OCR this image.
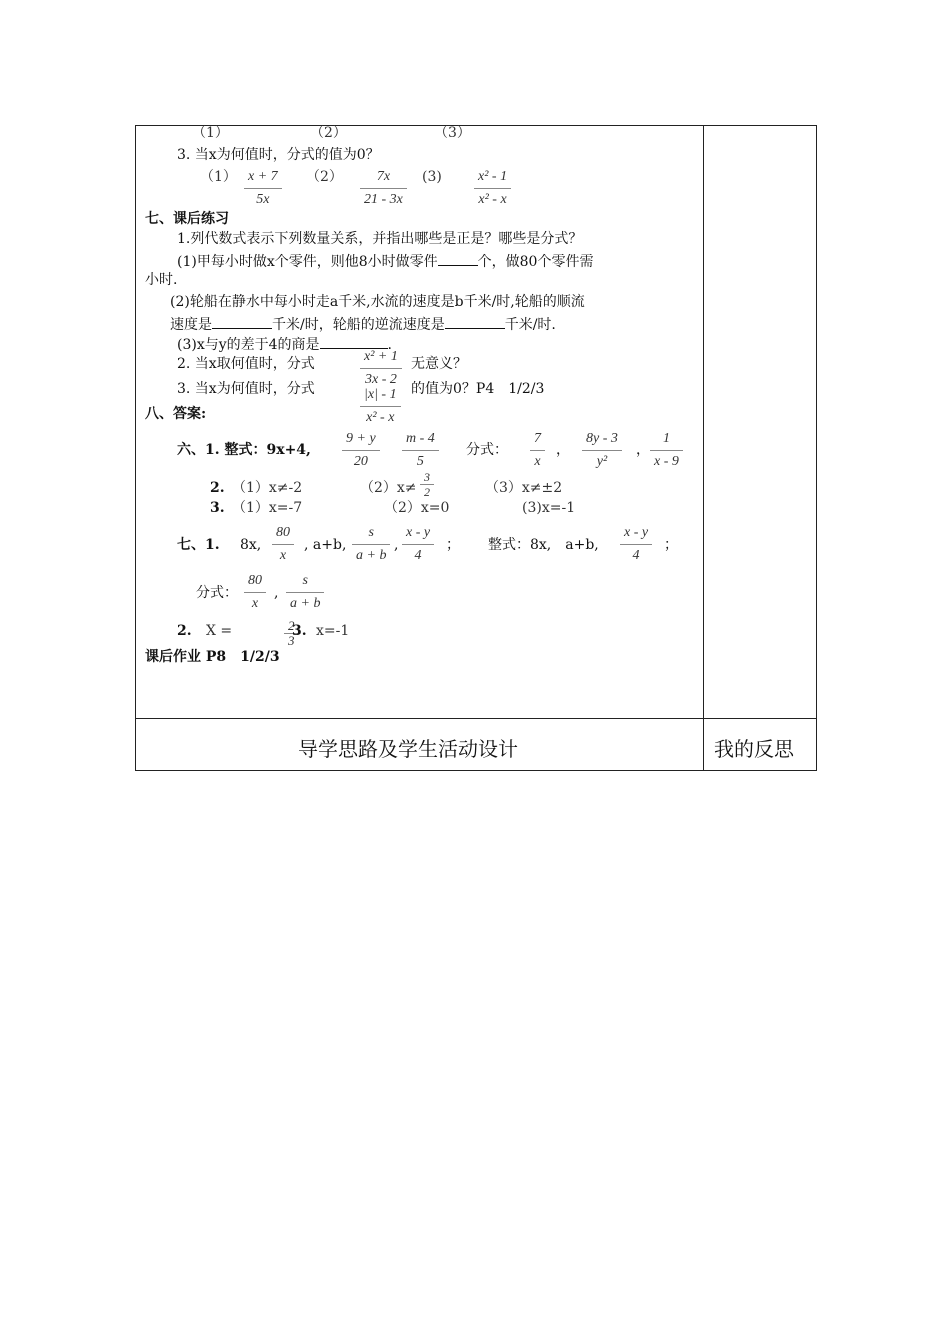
（1）	（2）	（3）
3. 当x为何值时，分式的值为0？
（1） x + 7
5x
（2）	7x
21 - 3x
(3)	x² - 1
x² - x
七、课后练习
1.列代数式表示下列数量关系，并指出哪些是正是？哪些是分式？
(1)甲每小时做x个零件，则他8小时做零件	个，做80个零件需
小时.
(2)轮船在静水中每小时走a千米,水流的速度是b千米/时,轮船的顺流
速度是	千米/时，轮船的逆流速度是	千米/时.
(3)x与y的差于4的商是	.
2. 当x取何值时，分式	x² + 1
3x - 2
无意义？
3. 当x为何值时，分式	|x| - 1
x² - x
的值为0？P4　1/2/3
八、答案:
六、1. 整式：9x+4,
9 + y
20
m - 4
5
分式：
7
x
，
8y - 3
y²
，
1
x - 9
2. （1）x≠-2	（2）x≠
3
2	（3）x≠±2
3. （1）x=-7	（2）x=0	(3)x=-1
七、1. 8x,
80
x
, a+b,
s
a + b
,
x - y
4
； 整式：8x,　a+b,
x - y
4
；
分式：
80
x
,
s
a + b
2. X =	2
3
3. x=-1
课后作业 P8　1/2/3
导学思路及学生活动设计	我的反思
